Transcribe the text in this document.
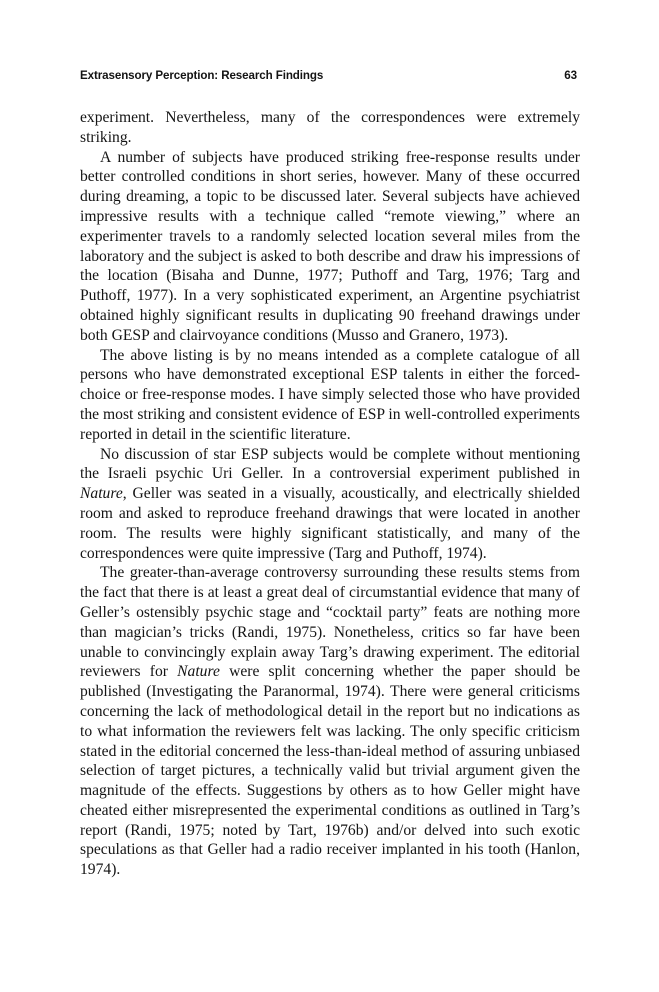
Extrasensory Perception: Research Findings	63

experiment. Nevertheless, many of the correspondences were extremely striking.

A number of subjects have produced striking free-response results under better controlled conditions in short series, however. Many of these occurred during dreaming, a topic to be discussed later. Several subjects have achieved impressive results with a technique called “remote viewing,” where an experimenter travels to a randomly selected location several miles from the laboratory and the subject is asked to both describe and draw his impressions of the location (Bisaha and Dunne, 1977; Puthoff and Targ, 1976; Targ and Puthoff, 1977). In a very sophisticated experiment, an Argentine psychiatrist obtained highly significant results in duplicating 90 freehand drawings under both GESP and clairvoyance conditions (Musso and Granero, 1973).

The above listing is by no means intended as a complete catalogue of all persons who have demonstrated exceptional ESP talents in either the forced-choice or free-response modes. I have simply selected those who have provided the most striking and consistent evidence of ESP in well-controlled experiments reported in detail in the scientific literature.

No discussion of star ESP subjects would be complete without mentioning the Israeli psychic Uri Geller. In a controversial experiment published in Nature, Geller was seated in a visually, acoustically, and electrically shielded room and asked to reproduce freehand drawings that were located in another room. The results were highly significant statistically, and many of the correspondences were quite impressive (Targ and Puthoff, 1974).

The greater-than-average controversy surrounding these results stems from the fact that there is at least a great deal of circumstantial evidence that many of Geller’s ostensibly psychic stage and “cocktail party” feats are nothing more than magician’s tricks (Randi, 1975). Nonetheless, critics so far have been unable to convincingly explain away Targ’s drawing experiment. The editorial reviewers for Nature were split concerning whether the paper should be published (Investigating the Paranormal, 1974). There were general criticisms concerning the lack of methodological detail in the report but no indications as to what information the reviewers felt was lacking. The only specific criticism stated in the editorial concerned the less-than-ideal method of assuring unbiased selection of target pictures, a technically valid but trivial argument given the magnitude of the effects. Suggestions by others as to how Geller might have cheated either misrepresented the experimental conditions as outlined in Targ’s report (Randi, 1975; noted by Tart, 1976b) and/or delved into such exotic speculations as that Geller had a radio receiver implanted in his tooth (Hanlon, 1974).
